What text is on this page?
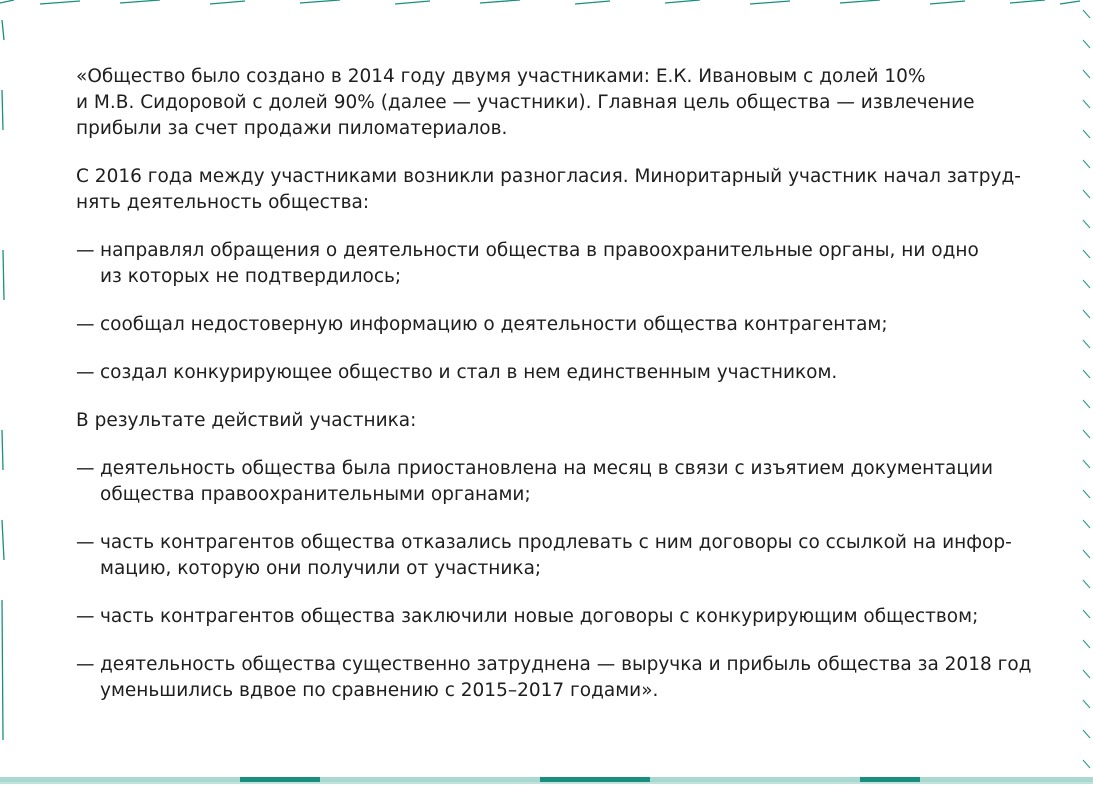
«Общество было создано в 2014 году двумя участниками: Е.К. Ивановым с долей 10%
и М.В. Сидоровой с долей 90% (далее — участники). Главная цель общества — извлечение
прибыли за счет продажи пиломатериалов.

С 2016 года между участниками возникли разногласия. Миноритарный участник начал затруд-
нять деятельность общества:

— направлял обращения о деятельности общества в правоохранительные органы, ни одно
из которых не подтвердилось;

— сообщал недостоверную информацию о деятельности общества контрагентам;

— создал конкурирующее общество и стал в нем единственным участником.

В результате действий участника:

— деятельность общества была приостановлена на месяц в связи с изъятием документации
общества правоохранительными органами;

— часть контрагентов общества отказались продлевать с ним договоры со ссылкой на инфор-
мацию, которую они получили от участника;

— часть контрагентов общества заключили новые договоры с конкурирующим обществом;

— деятельность общества существенно затруднена — выручка и прибыль общества за 2018 год
уменьшились вдвое по сравнению с 2015–2017 годами».
